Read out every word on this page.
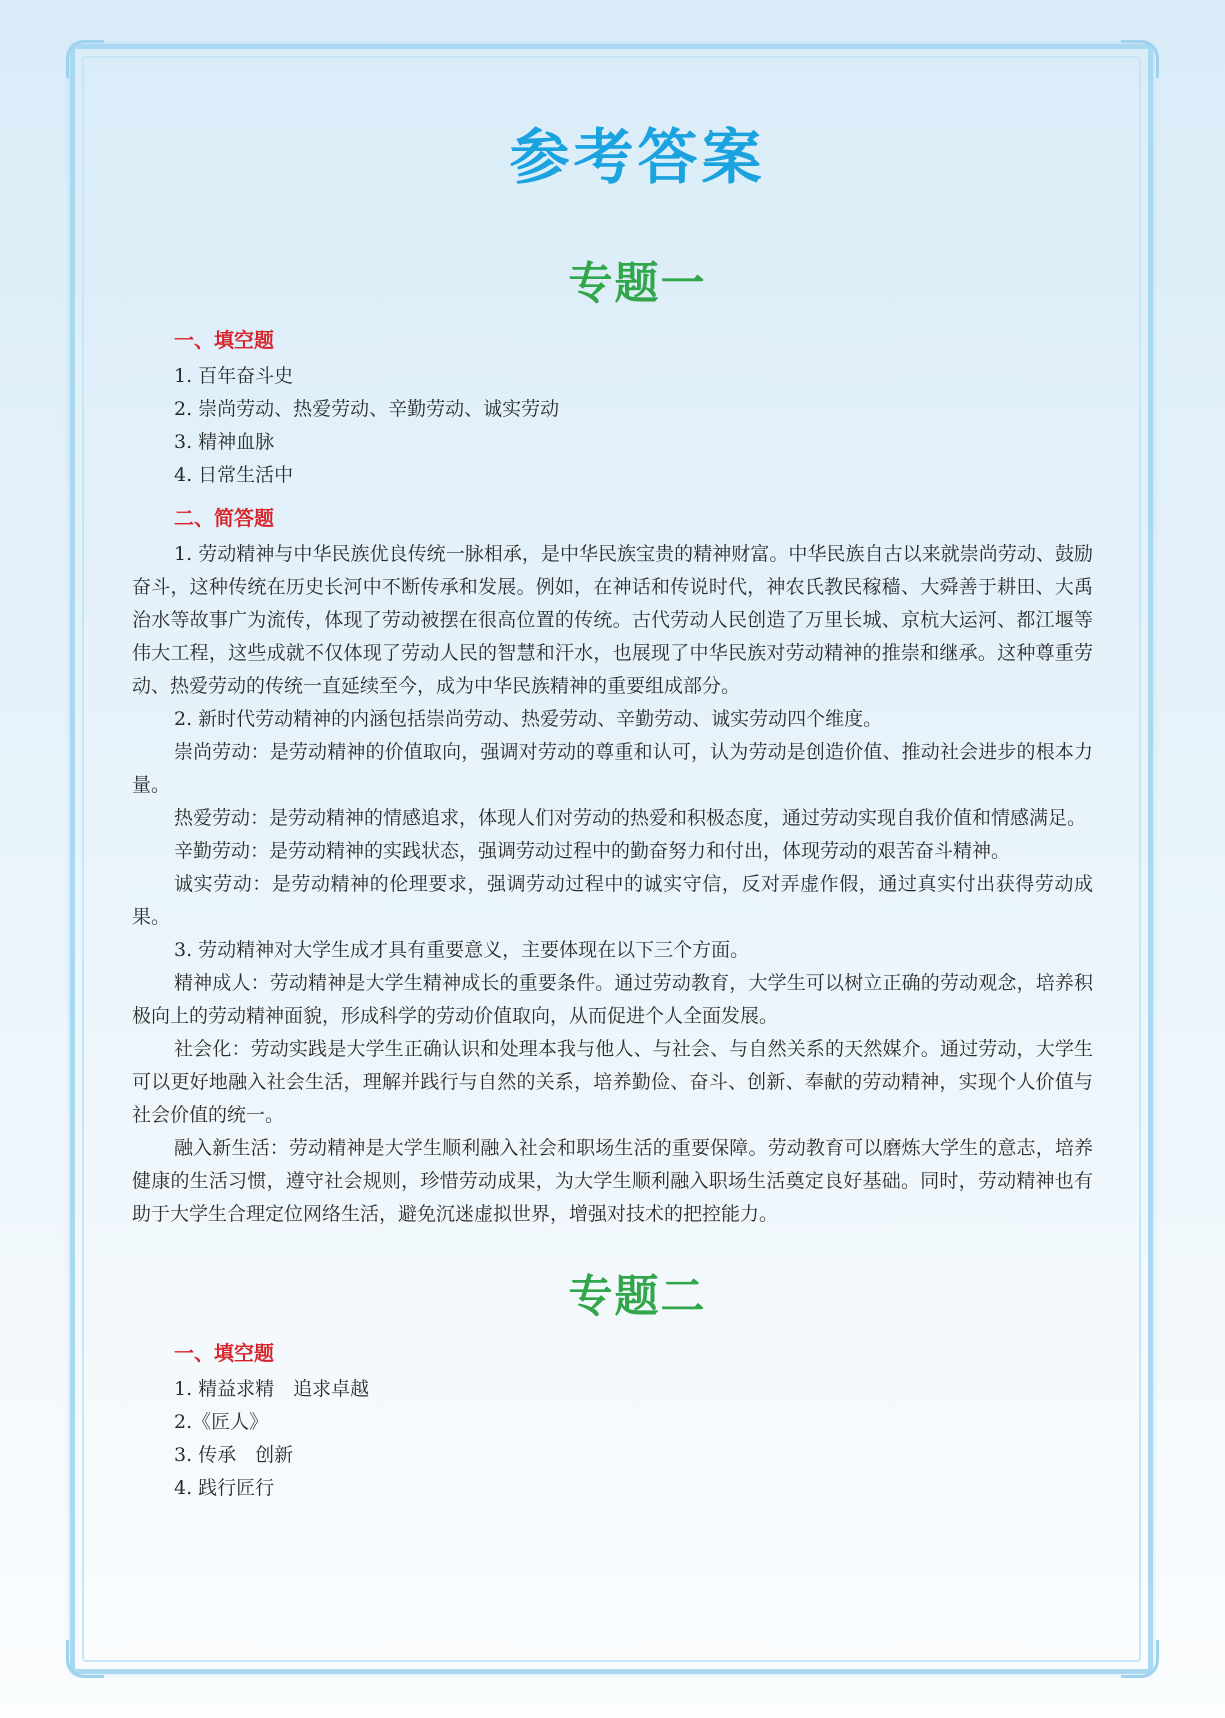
参考答案
专题一
一、填空题
1. 百年奋斗史
2. 崇尚劳动、热爱劳动、辛勤劳动、诚实劳动
3. 精神血脉
4. 日常生活中
二、简答题

1. 劳动精神与中华民族优良传统一脉相承，是中华民族宝贵的精神财富。中华民族自古以来就崇尚劳动、鼓励奋斗，这种传统在历史长河中不断传承和发展。例如，在神话和传说时代，神农氏教民稼穑、大舜善于耕田、大禹治水等故事广为流传，体现了劳动被摆在很高位置的传统。古代劳动人民创造了万里长城、京杭大运河、都江堰等伟大工程，这些成就不仅体现了劳动人民的智慧和汗水，也展现了中华民族对劳动精神的推崇和继承。这种尊重劳动、热爱劳动的传统一直延续至今，成为中华民族精神的重要组成部分。

2. 新时代劳动精神的内涵包括崇尚劳动、热爱劳动、辛勤劳动、诚实劳动四个维度。

崇尚劳动：是劳动精神的价值取向，强调对劳动的尊重和认可，认为劳动是创造价值、推动社会进步的根本力量。

热爱劳动：是劳动精神的情感追求，体现人们对劳动的热爱和积极态度，通过劳动实现自我价值和情感满足。

辛勤劳动：是劳动精神的实践状态，强调劳动过程中的勤奋努力和付出，体现劳动的艰苦奋斗精神。

诚实劳动：是劳动精神的伦理要求，强调劳动过程中的诚实守信，反对弄虚作假，通过真实付出获得劳动成果。

3. 劳动精神对大学生成才具有重要意义，主要体现在以下三个方面。

精神成人：劳动精神是大学生精神成长的重要条件。通过劳动教育，大学生可以树立正确的劳动观念，培养积极向上的劳动精神面貌，形成科学的劳动价值取向，从而促进个人全面发展。

社会化：劳动实践是大学生正确认识和处理本我与他人、与社会、与自然关系的天然媒介。通过劳动，大学生可以更好地融入社会生活，理解并践行与自然的关系，培养勤俭、奋斗、创新、奉献的劳动精神，实现个人价值与社会价值的统一。

融入新生活：劳动精神是大学生顺利融入社会和职场生活的重要保障。劳动教育可以磨炼大学生的意志，培养健康的生活习惯，遵守社会规则，珍惜劳动成果，为大学生顺利融入职场生活奠定良好基础。同时，劳动精神也有助于大学生合理定位网络生活，避免沉迷虚拟世界，增强对技术的把控能力。

专题二
一、填空题
1. 精益求精　追求卓越
2.《匠人》
3. 传承　创新
4. 践行匠行
